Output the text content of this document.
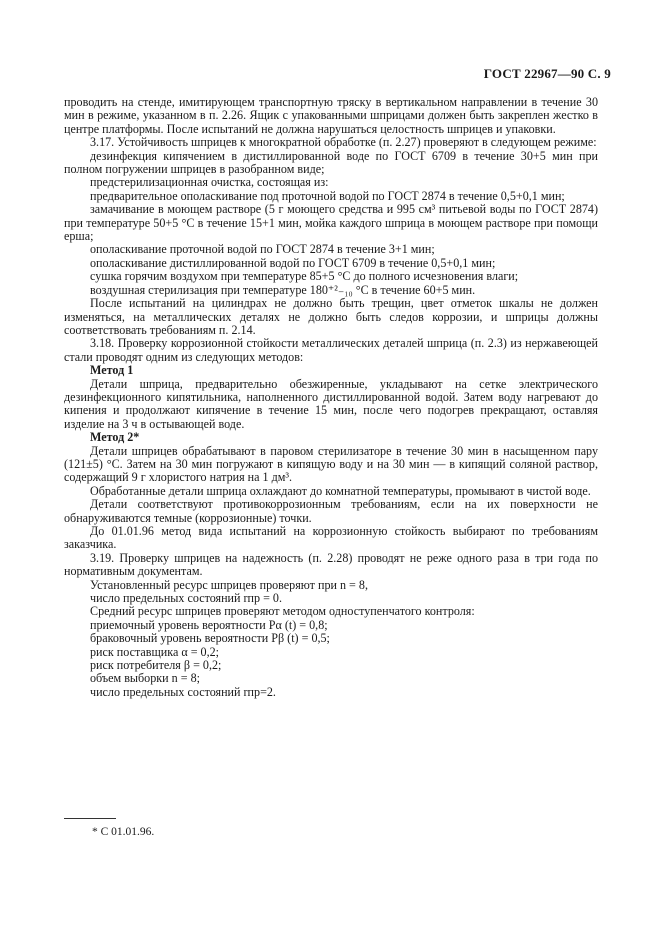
ГОСТ 22967—90 С. 9

проводить на стенде, имитирующем транспортную тряску в вертикальном направлении в течение 30 мин в режиме, указанном в п. 2.26. Ящик с упакованными шприцами должен быть закреплен жестко в центре платформы. После испытаний не должна нарушаться целостность шприцев и упаковки.

3.17. Устойчивость шприцев к многократной обработке (п. 2.27) проверяют в следующем режиме:

дезинфекция кипячением в дистиллированной воде по ГОСТ 6709 в течение 30+5 мин при полном погружении шприцев в разобранном виде;

предстерилизационная очистка, состоящая из:

предварительное ополаскивание под проточной водой по ГОСТ 2874 в течение 0,5+0,1 мин;

замачивание в моющем растворе (5 г моющего средства и 995 см³ питьевой воды по ГОСТ 2874) при температуре 50+5 °С в течение 15+1 мин, мойка каждого шприца в моющем растворе при помощи ерша;

ополаскивание проточной водой по ГОСТ 2874 в течение 3+1 мин;

ополаскивание дистиллированной водой по ГОСТ 6709 в течение 0,5+0,1 мин;

сушка горячим воздухом при температуре 85+5 °С до полного исчезновения влаги;

воздушная стерилизация при температуре 180⁺²₋₁₀ °С в течение 60+5 мин.

После испытаний на цилиндрах не должно быть трещин, цвет отметок шкалы не должен изменяться, на металлических деталях не должно быть следов коррозии, и шприцы должны соответствовать требованиям п. 2.14.

3.18. Проверку коррозионной стойкости металлических деталей шприца (п. 2.3) из нержавеющей стали проводят одним из следующих методов:

Метод 1

Детали шприца, предварительно обезжиренные, укладывают на сетке электрического дезинфекционного кипятильника, наполненного дистиллированной водой. Затем воду нагревают до кипения и продолжают кипячение в течение 15 мин, после чего подогрев прекращают, оставляя изделие на 3 ч в остывающей воде.

Метод 2*

Детали шприцев обрабатывают в паровом стерилизаторе в течение 30 мин в насыщенном пару (121±5) °С. Затем на 30 мин погружают в кипящую воду и на 30 мин — в кипящий соляной раствор, содержащий 9 г хлористого натрия на 1 дм³.

Обработанные детали шприца охлаждают до комнатной температуры, промывают в чистой воде.

Детали соответствуют противокоррозионным требованиям, если на их поверхности не обнаруживаются темные (коррозионные) точки.

До 01.01.96 метод вида испытаний на коррозионную стойкость выбирают по требованиям заказчика.

3.19. Проверку шприцев на надежность (п. 2.28) проводят не реже одного раза в три года по нормативным документам.

Установленный ресурс шприцев проверяют при n = 8,

число предельных состояний rпр = 0.

Средний ресурс шприцев проверяют методом одноступенчатого контроля:

приемочный уровень вероятности Pα (t) = 0,8;

браковочный уровень вероятности Pβ (t) = 0,5;

риск поставщика α = 0,2;

риск потребителя β = 0,2;

объем выборки n = 8;

число предельных состояний rпр=2.

* С 01.01.96.
